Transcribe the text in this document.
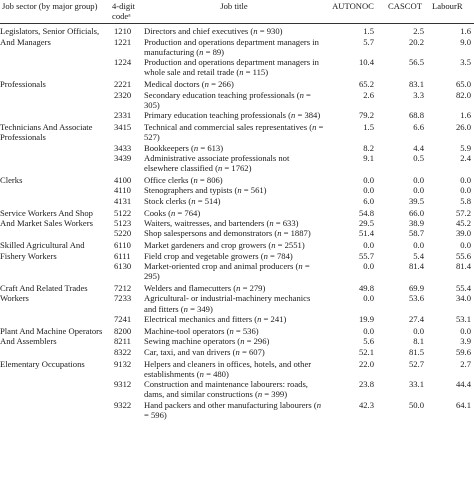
Job sector (by major group)	4-digit codeᵃ	Job title	AUTONOC	CASCOT	LabourR
Legislators, Senior Officials, And Managers	1210	Directors and chief executives (n = 930)	1.5	2.5	1.6
	1221	Production and operations department managers in manufacturing (n = 89)	5.7	20.2	9.0
	1224	Production and operations department managers in whole sale and retail trade (n = 115)	10.4	56.5	3.5
Professionals	2221	Medical doctors (n = 266)	65.2	83.1	65.0
	2320	Secondary education teaching professionals (n = 305)	2.6	3.3	82.0
	2331	Primary education teaching professionals (n = 384)	79.2	68.8	1.6
Technicians And Associate Professionals	3415	Technical and commercial sales representatives (n = 527)	1.5	6.6	26.0
	3433	Bookkeepers (n = 613)	8.2	4.4	5.9
	3439	Administrative associate professionals not elsewhere classified (n = 1762)	9.1	0.5	2.4
Clerks	4100	Office clerks (n = 806)	0.0	0.0	0.0
	4110	Stenographers and typists (n = 561)	0.0	0.0	0.0
	4131	Stock clerks (n = 514)	6.0	39.5	5.8
Service Workers And Shop And Market Sales Workers	5122	Cooks (n = 764)	54.8	66.0	57.2
	5123	Waiters, waitresses, and bartenders (n = 633)	29.5	38.9	45.2
	5220	Shop salespersons and demonstrators (n = 1887)	51.4	58.7	39.0
Skilled Agricultural And Fishery Workers	6110	Market gardeners and crop growers (n = 2551)	0.0	0.0	0.0
	6111	Field crop and vegetable growers (n = 784)	55.7	5.4	55.6
	6130	Market-oriented crop and animal producers (n = 295)	0.0	81.4	81.4
Craft And Related Trades Workers	7212	Welders and flamecutters (n = 279)	49.8	69.9	55.4
	7233	Agricultural- or industrial-machinery mechanics and fitters (n = 349)	0.0	53.6	34.0
	7241	Electrical mechanics and fitters (n = 241)	19.9	27.4	53.1
Plant And Machine Operators And Assemblers	8200	Machine-tool operators (n = 536)	0.0	0.0	0.0
	8211	Sewing machine operators (n = 296)	5.6	8.1	3.9
	8322	Car, taxi, and van drivers (n = 607)	52.1	81.5	59.6
Elementary Occupations	9132	Helpers and cleaners in offices, hotels, and other establishments (n = 480)	22.0	52.7	2.7
	9312	Construction and maintenance labourers: roads, dams, and similar constructions (n = 399)	23.8	33.1	44.4
	9322	Hand packers and other manufacturing labourers (n = 596)	42.3	50.0	64.1
